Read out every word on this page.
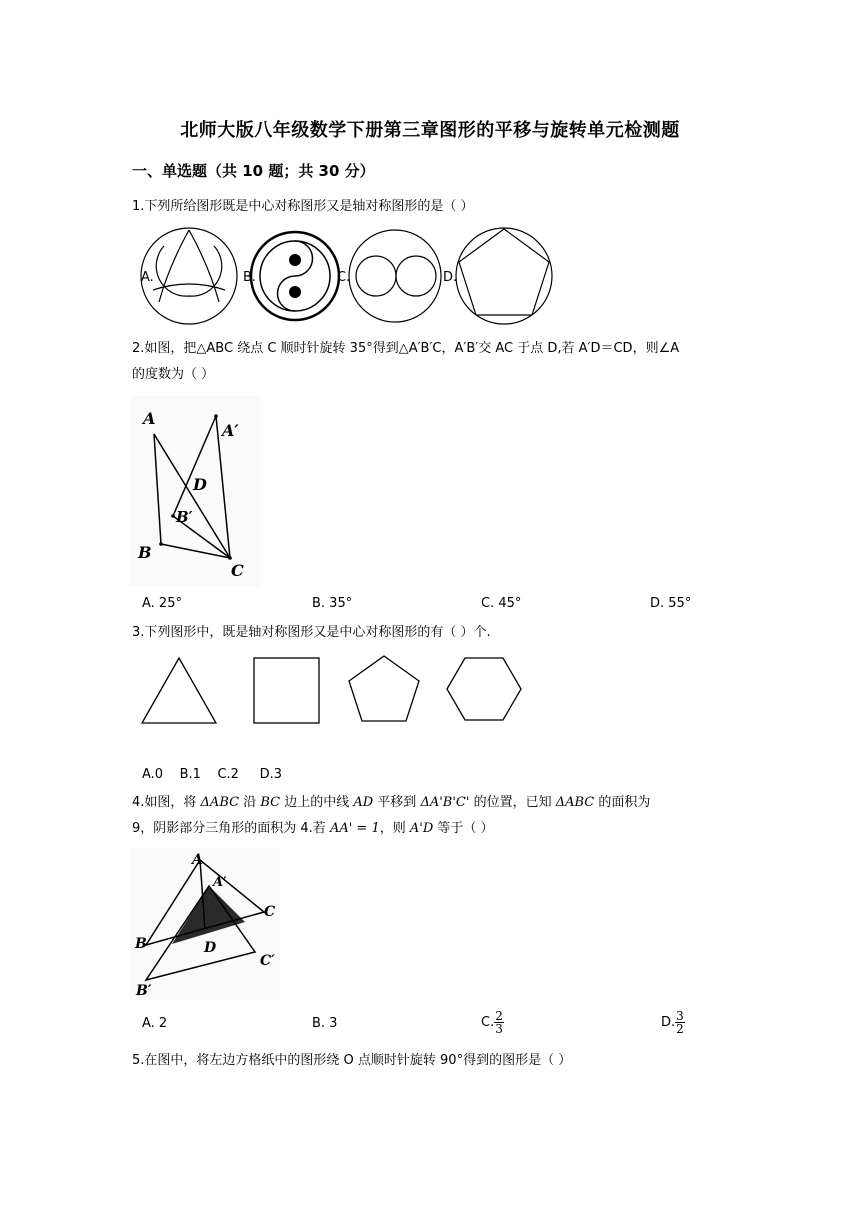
北师大版八年级数学下册第三章图形的平移与旋转单元检测题
一、单选题（共 10 题；共 30 分）
1.下列所给图形既是中心对称图形又是轴对称图形的是（ ）
A.	B.	C.	D.
2.如图，把△ABC 绕点 C 顺时针旋转 35°得到△A′B′C，A′B′交 AC 于点 D,若 A′D＝CD，则∠A
的度数为（ ）
A
A′
D
B′
B
C
A. 25°	B. 35°	C. 45°	D. 55°
3.下列图形中，既是轴对称图形又是中心对称图形的有（ ）个.
A.0    B.1    C.2     D.3
4.如图，将 ΔABC 沿 BC 边上的中线 AD 平移到 ΔA'B'C' 的位置，已知 ΔABC 的面积为
9，阴影部分三角形的面积为 4.若 AA' = 1，则 A'D 等于（ ）
A
A′
C
B	D
C′
B′
A. 2	B. 3	C. $\frac{2}{3}$	D. $\frac{3}{2}$
5.在图中，将左边方格纸中的图形绕 O 点顺时针旋转 90°得到的图形是（ ）
